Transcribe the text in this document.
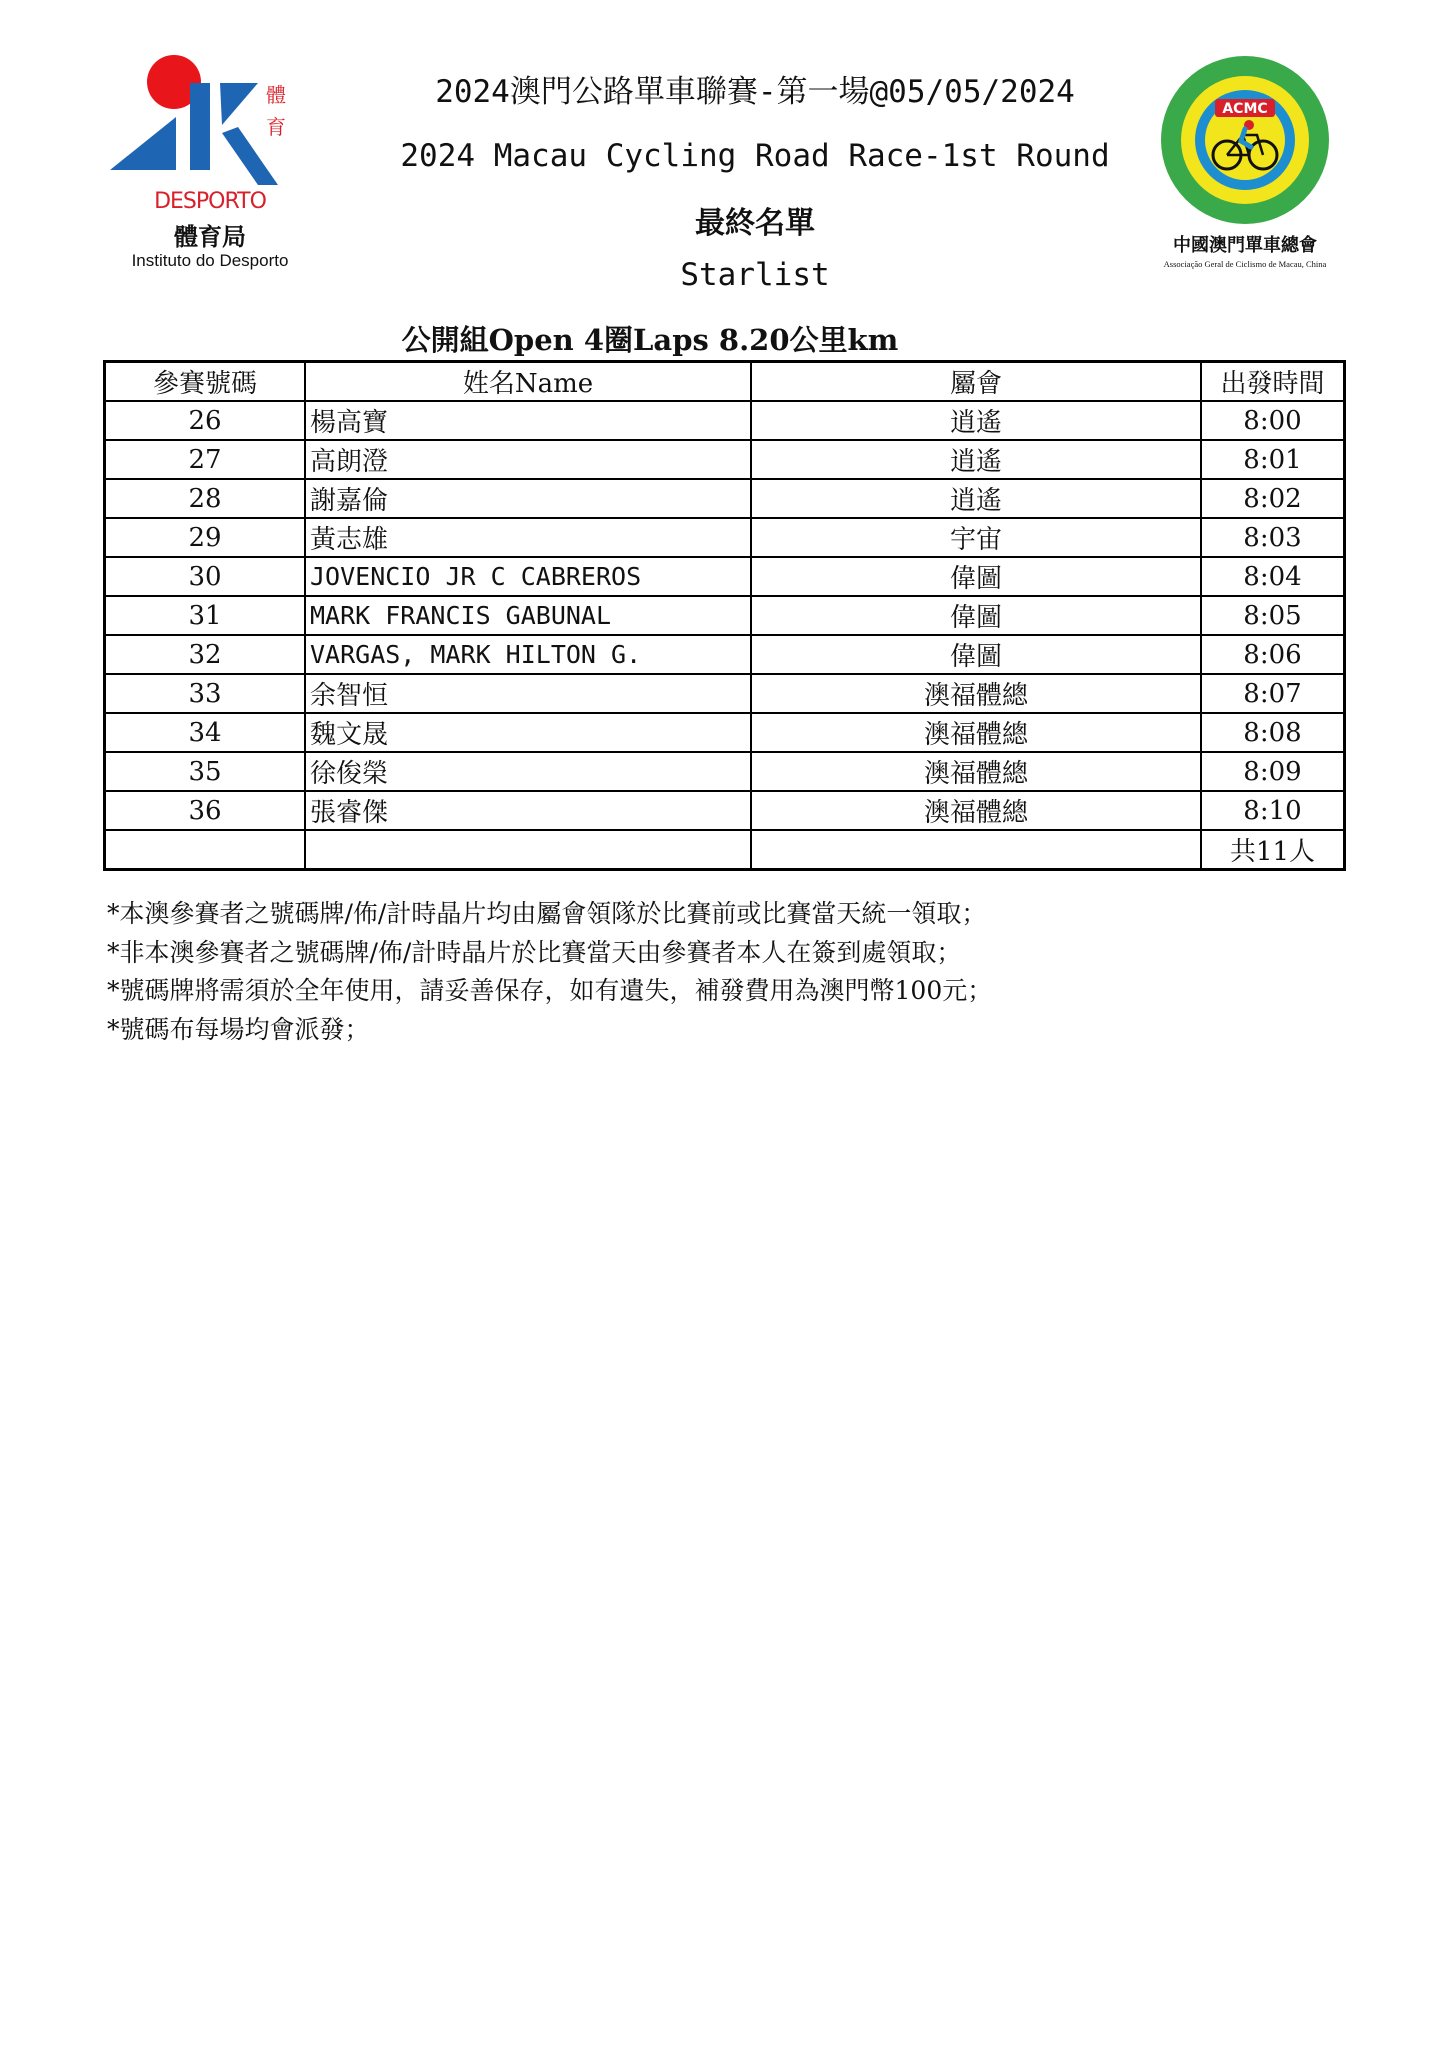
體
育
DESPORTO
體育局
Instituto do Desporto
ACMC
中國澳門單車總會
Associação Geral de Ciclismo de Macau, China
2024澳門公路單車聯賽-第一場@05/05/2024
2024 Macau Cycling Road Race-1st Round
最終名單
Starlist
公開組Open 4圈Laps 8.20公里km
參賽號碼	姓名Name	屬會	出發時間
26	楊高寶	逍遙	8:00
27	高朗澄	逍遙	8:01
28	謝嘉倫	逍遙	8:02
29	黃志雄	宇宙	8:03
30	JOVENCIO JR C CABREROS	偉圖	8:04
31	MARK FRANCIS GABUNAL	偉圖	8:05
32	VARGAS, MARK HILTON G.	偉圖	8:06
33	余智恒	澳福體總	8:07
34	魏文晟	澳福體總	8:08
35	徐俊榮	澳福體總	8:09
36	張睿傑	澳福體總	8:10
			共11人
*本澳參賽者之號碼牌/佈/計時晶片均由屬會領隊於比賽前或比賽當天統一領取；
*非本澳參賽者之號碼牌/佈/計時晶片於比賽當天由參賽者本人在簽到處領取；
*號碼牌將需須於全年使用，請妥善保存，如有遺失，補發費用為澳門幣100元；
*號碼布每場均會派發；
